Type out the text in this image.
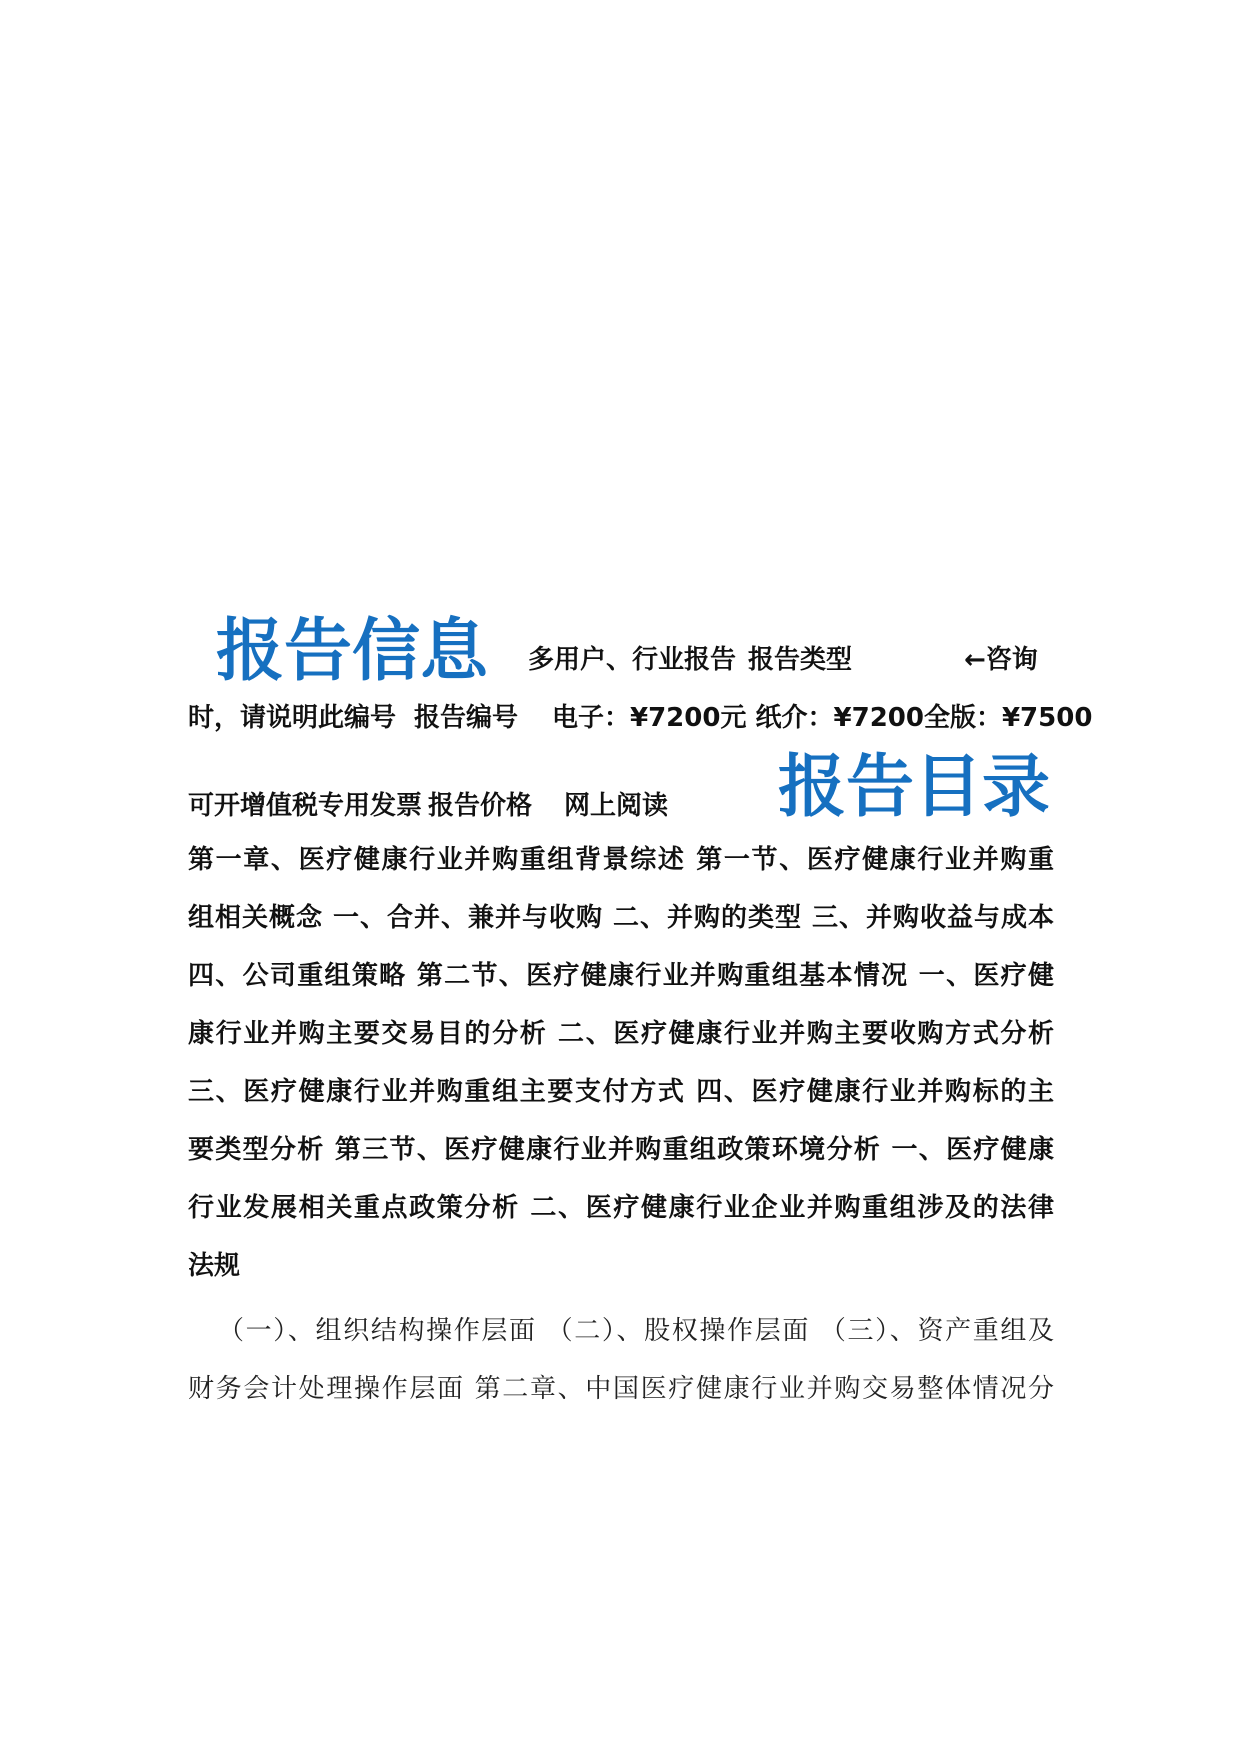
报告信息 多用户、行业报告 报告类型	←咨询
时，请说明此编号 报告编号 电子：¥7200元 纸介：¥7200全版：¥7500
可开增值税专用发票 报告价格 网上阅读 报告目录
第一章、医疗健康行业并购重组背景综述 第一节、医疗健康行业并购重
组相关概念 一、合并、兼并与收购 二、并购的类型 三、并购收益与成本
四、公司重组策略 第二节、医疗健康行业并购重组基本情况 一、医疗健
康行业并购主要交易目的分析 二、医疗健康行业并购主要收购方式分析
三、医疗健康行业并购重组主要支付方式 四、医疗健康行业并购标的主
要类型分析 第三节、医疗健康行业并购重组政策环境分析 一、医疗健康
行业发展相关重点政策分析 二、医疗健康行业企业并购重组涉及的法律
法规
（一）、组织结构操作层面 （二）、股权操作层面 （三）、资产重组及
财务会计处理操作层面 第二章、中国医疗健康行业并购交易整体情况分
